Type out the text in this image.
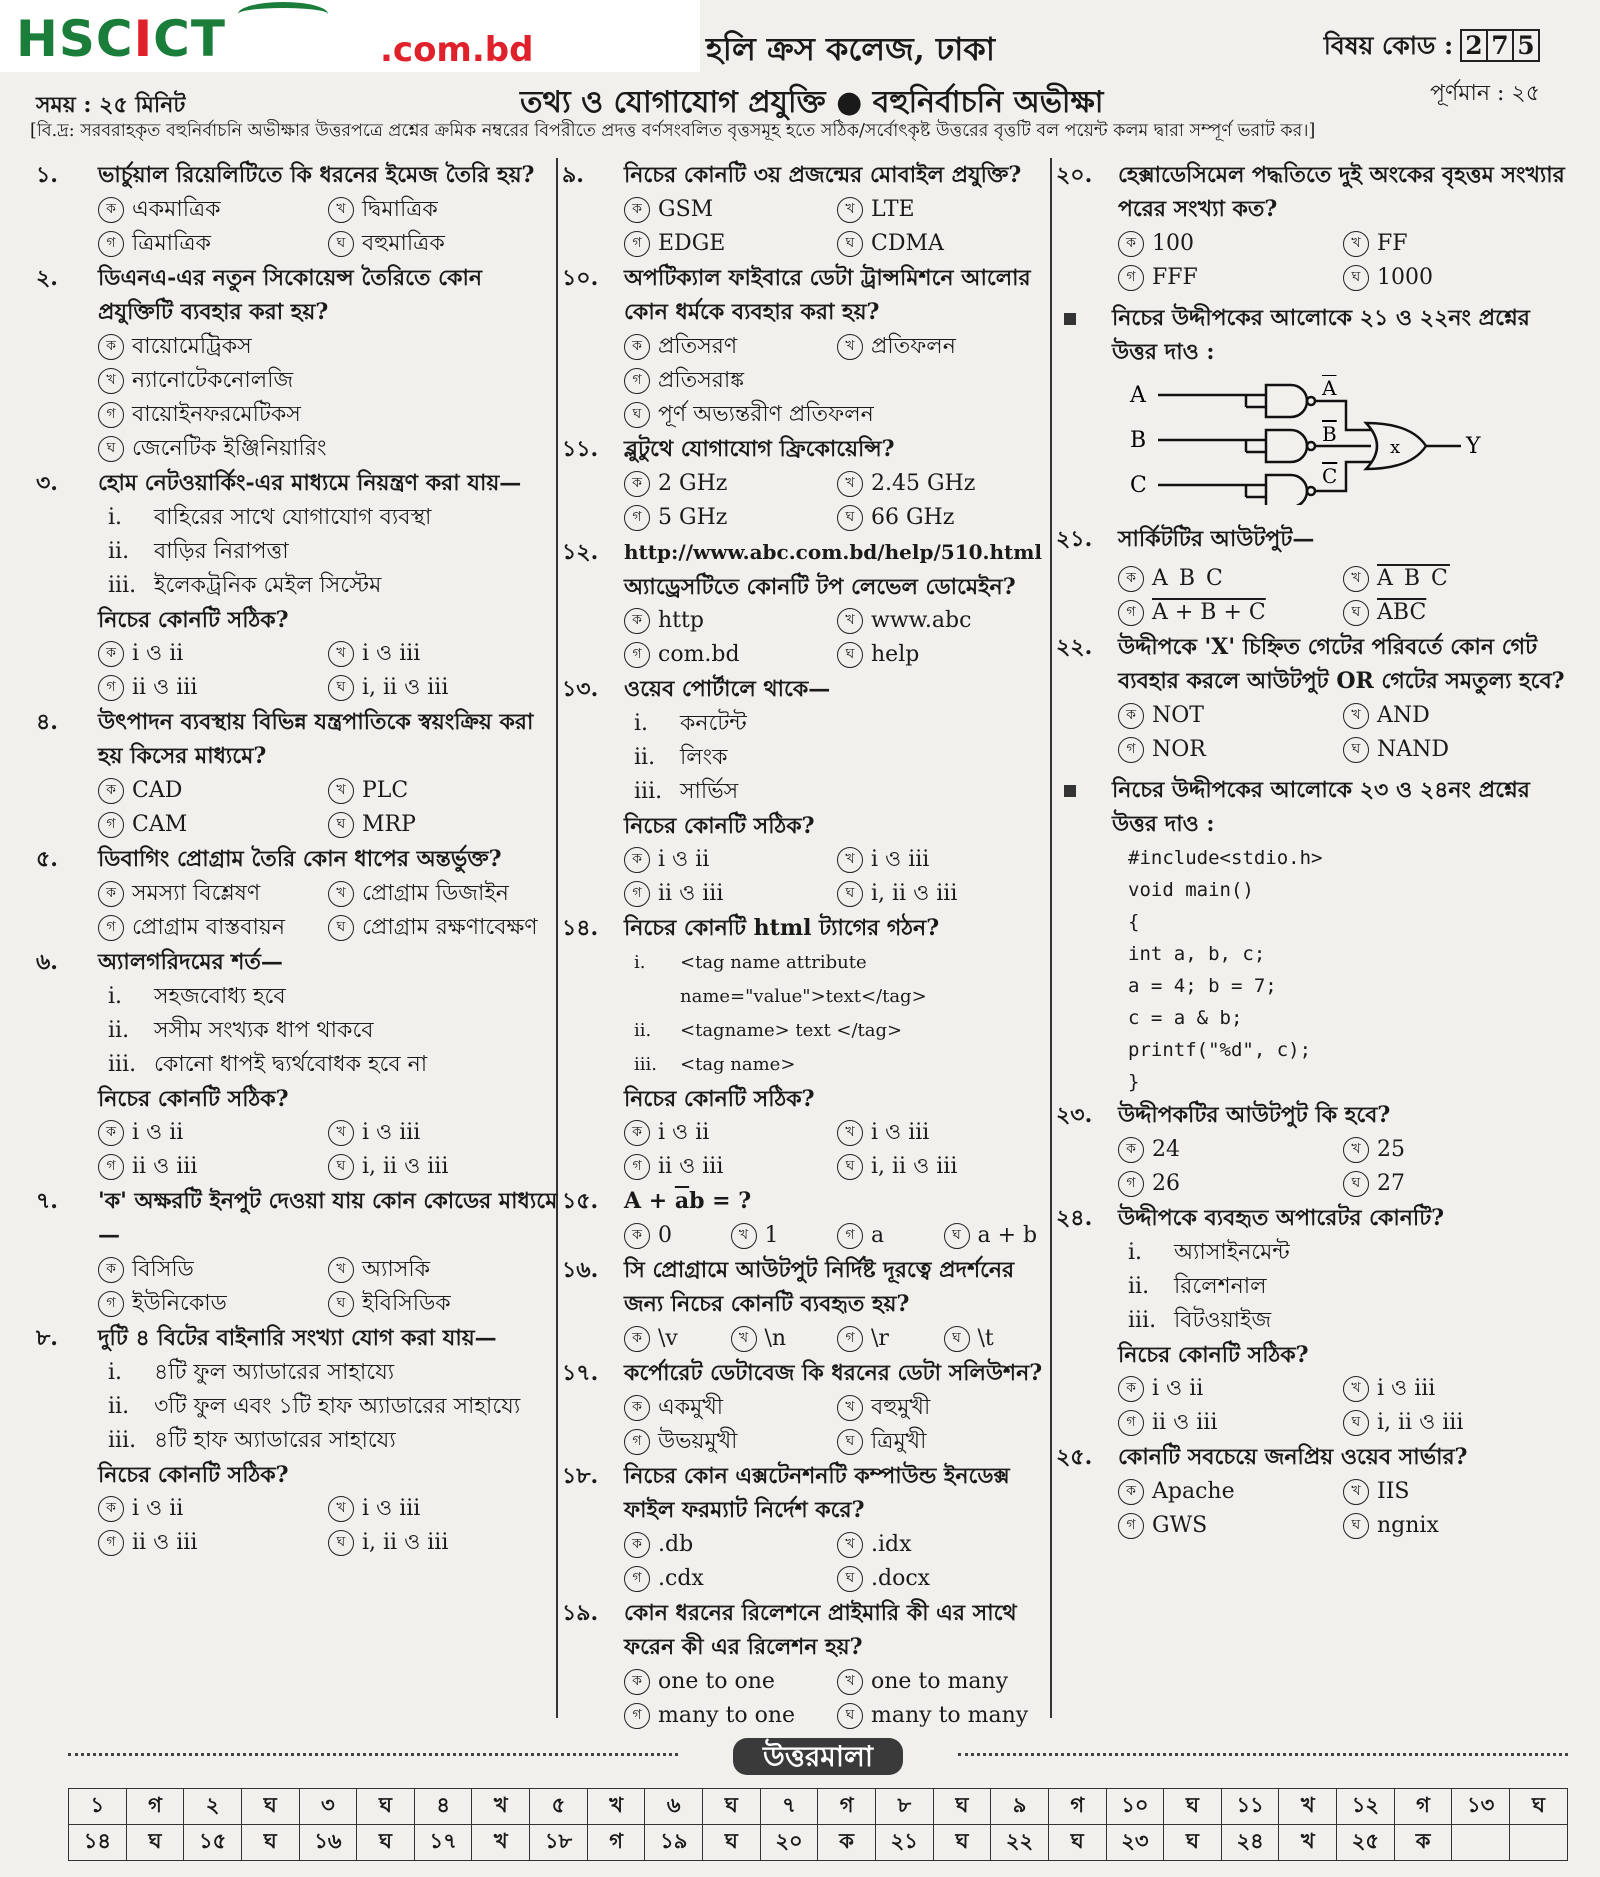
HSCICT	.com.bd	হলি ক্রস কলেজ, ঢাকা	বিষয় কোড : 2 7 5
সময় : ২৫ মিনিট	তথ্য ও যোগাযোগ প্রযুক্তি ● বহুনির্বাচনি অভীক্ষা	পূর্ণমান : ২৫
[বি.দ্র: সরবরাহকৃত বহুনির্বাচনি অভীক্ষার উত্তরপত্রে প্রশ্নের ক্রমিক নম্বরের বিপরীতে প্রদত্ত বর্ণসংবলিত বৃত্তসমূহ হতে সঠিক/সর্বোৎকৃষ্ট উত্তরের বৃত্তটি বল পয়েন্ট কলম দ্বারা সম্পূর্ণ ভরাট কর।]
১.	ভার্চুয়াল রিয়েলিটিতে কি ধরনের ইমেজ তৈরি হয়?
ক একমাত্রিক	খ দ্বিমাত্রিক
গ ত্রিমাত্রিক	ঘ বহুমাত্রিক
২.	ডিএনএ-এর নতুন সিকোয়েন্স তৈরিতে কোন প্রযুক্তিটি ব্যবহার করা হয়?
ক বায়োমেট্রিকস
খ ন্যানোটেকনোলজি
গ বায়োইনফরমেটিকস
ঘ জেনেটিক ইঞ্জিনিয়ারিং
৩.	হোম নেটওয়ার্কিং-এর মাধ্যমে নিয়ন্ত্রণ করা যায়—
i.	বাহিরের সাথে যোগাযোগ ব্যবস্থা
ii.	বাড়ির নিরাপত্তা
iii. ইলেকট্রনিক মেইল সিস্টেম
নিচের কোনটি সঠিক?
ক i ও ii	খ i ও iii
গ ii ও iii	ঘ i, ii ও iii
৪.	উৎপাদন ব্যবস্থায় বিভিন্ন যন্ত্রপাতিকে স্বয়ংক্রিয় করা হয় কিসের মাধ্যমে?
ক CAD	খ PLC
গ CAM	ঘ MRP
৫.	ডিবাগিং প্রোগ্রাম তৈরি কোন ধাপের অন্তর্ভুক্ত?
ক সমস্যা বিশ্লেষণ	খ প্রোগ্রাম ডিজাইন
গ প্রোগ্রাম বাস্তবায়ন	ঘ প্রোগ্রাম রক্ষণাবেক্ষণ
৬.	অ্যালগরিদমের শর্ত—
i.	সহজবোধ্য হবে
ii.	সসীম সংখ্যক ধাপ থাকবে
iii. কোনো ধাপই দ্ব্যর্থবোধক হবে না
নিচের কোনটি সঠিক?
ক i ও ii	খ i ও iii
গ ii ও iii	ঘ i, ii ও iii
৭.	'ক' অক্ষরটি ইনপুট দেওয়া যায় কোন কোডের মাধ্যমে—
ক বিসিডি	খ অ্যাসকি
গ ইউনিকোড	ঘ ইবিসিডিক
৮.	দুটি ৪ বিটের বাইনারি সংখ্যা যোগ করা যায়—
i.	৪টি ফুল অ্যাডারের সাহায্যে
ii.	৩টি ফুল এবং ১টি হাফ অ্যাডারের সাহায্যে
iii. ৪টি হাফ অ্যাডারের সাহায্যে
নিচের কোনটি সঠিক?
ক i ও ii	খ i ও iii
গ ii ও iii	ঘ i, ii ও iii
৯.	নিচের কোনটি ৩য় প্রজন্মের মোবাইল প্রযুক্তি?
ক GSM	খ LTE
গ EDGE	ঘ CDMA
১০.	অপটিক্যাল ফাইবারে ডেটা ট্রান্সমিশনে আলোর কোন ধর্মকে ব্যবহার করা হয়?
ক প্রতিসরণ	খ প্রতিফলন
গ প্রতিসরাঙ্ক
ঘ পূর্ণ অভ্যন্তরীণ প্রতিফলন
১১.	ব্লুটুথে যোগাযোগ ফ্রিকোয়েন্সি?
ক 2 GHz	খ 2.45 GHz
গ 5 GHz	ঘ 66 GHz
১২.	http://www.abc.com.bd/help/510.html
অ্যাড্রেসটিতে কোনটি টপ লেভেল ডোমেইন?
ক http	খ www.abc
গ com.bd	ঘ help
১৩.	ওয়েব পোর্টালে থাকে—
i.	কনটেন্ট
ii.	লিংক
iii. সার্ভিস
নিচের কোনটি সঠিক?
ক i ও ii	খ i ও iii
গ ii ও iii	ঘ i, ii ও iii
১৪.	নিচের কোনটি html ট্যাগের গঠন?
i.	<tag name attribute name="value">text</tag>
ii.	<tagname> text </tag>
iii.	<tag name>
নিচের কোনটি সঠিক?
ক i ও ii	খ i ও iii
গ ii ও iii	ঘ i, ii ও iii
১৫.	$A + \overline{a}b$ = ?
ক 0	খ 1	গ a	ঘ a + b
১৬.	সি প্রোগ্রামে আউটপুট নির্দিষ্ট দূরত্বে প্রদর্শনের জন্য নিচের কোনটি ব্যবহৃত হয়?
ক \v	খ \n	গ \r	ঘ \t
১৭.	কর্পোরেট ডেটাবেজ কি ধরনের ডেটা সলিউশন?
ক একমুখী	খ বহুমুখী
গ উভয়মুখী	ঘ ত্রিমুখী
১৮.	নিচের কোন এক্সটেনশনটি কম্পাউন্ড ইনডেক্স ফাইল ফরম্যাট নির্দেশ করে?
ক .db	খ .idx
গ .cdx	ঘ .docx
১৯.	কোন ধরনের রিলেশনে প্রাইমারি কী এর সাথে ফরেন কী এর রিলেশন হয়?
ক one to one	খ one to many
গ many to one	ঘ many to many
২০.	হেক্সাডেসিমেল পদ্ধতিতে দুই অংকের বৃহত্তম সংখ্যার পরের সংখ্যা কত?
ক 100	খ FF
গ FFF	ঘ 1000
নিচের উদ্দীপকের আলোকে ২১ ও ২২নং প্রশ্নের উত্তর দাও :
A
B
C
A
B
C
x	Y
২১.	সার্কিটটির আউটপুট—
ক A B C	খ A B C
গ A + B + C	ঘ $\overline{ABC}$
২২.	উদ্দীপকে 'X' চিহ্নিত গেটের পরিবর্তে কোন গেট ব্যবহার করলে আউটপুট OR গেটের সমতুল্য হবে?
ক NOT	খ AND
গ NOR	ঘ NAND
নিচের উদ্দীপকের আলোকে ২৩ ও ২৪নং প্রশ্নের উত্তর দাও :
#include<stdio.h>
void main()
{
int a, b, c;
a = 4; b = 7;
c = a & b;
printf("%d", c);
}
২৩.	উদ্দীপকটির আউটপুট কি হবে?
ক 24	খ 25
গ 26	ঘ 27
২৪.	উদ্দীপকে ব্যবহৃত অপারেটর কোনটি?
i.	অ্যাসাইনমেন্ট
ii.	রিলেশনাল
iii. বিটওয়াইজ
নিচের কোনটি সঠিক?
ক i ও ii	খ i ও iii
গ ii ও iii	ঘ i, ii ও iii
২৫.	কোনটি সবচেয়ে জনপ্রিয় ওয়েব সার্ভার?
ক Apache	খ IIS
গ GWS	ঘ ngnix
উত্তরমালা
১	গ	২	ঘ	৩	ঘ	৪	খ	৫	খ	৬	ঘ	৭	গ	৮	ঘ	৯	গ	১০	ঘ	১১	খ	১২	গ	১৩	ঘ
১৪	ঘ	১৫	ঘ	১৬	ঘ	১৭	খ	১৮	গ	১৯	ঘ	২০	ক	২১	ঘ	২২	ঘ	২৩	ঘ	২৪	খ	২৫	ক		
